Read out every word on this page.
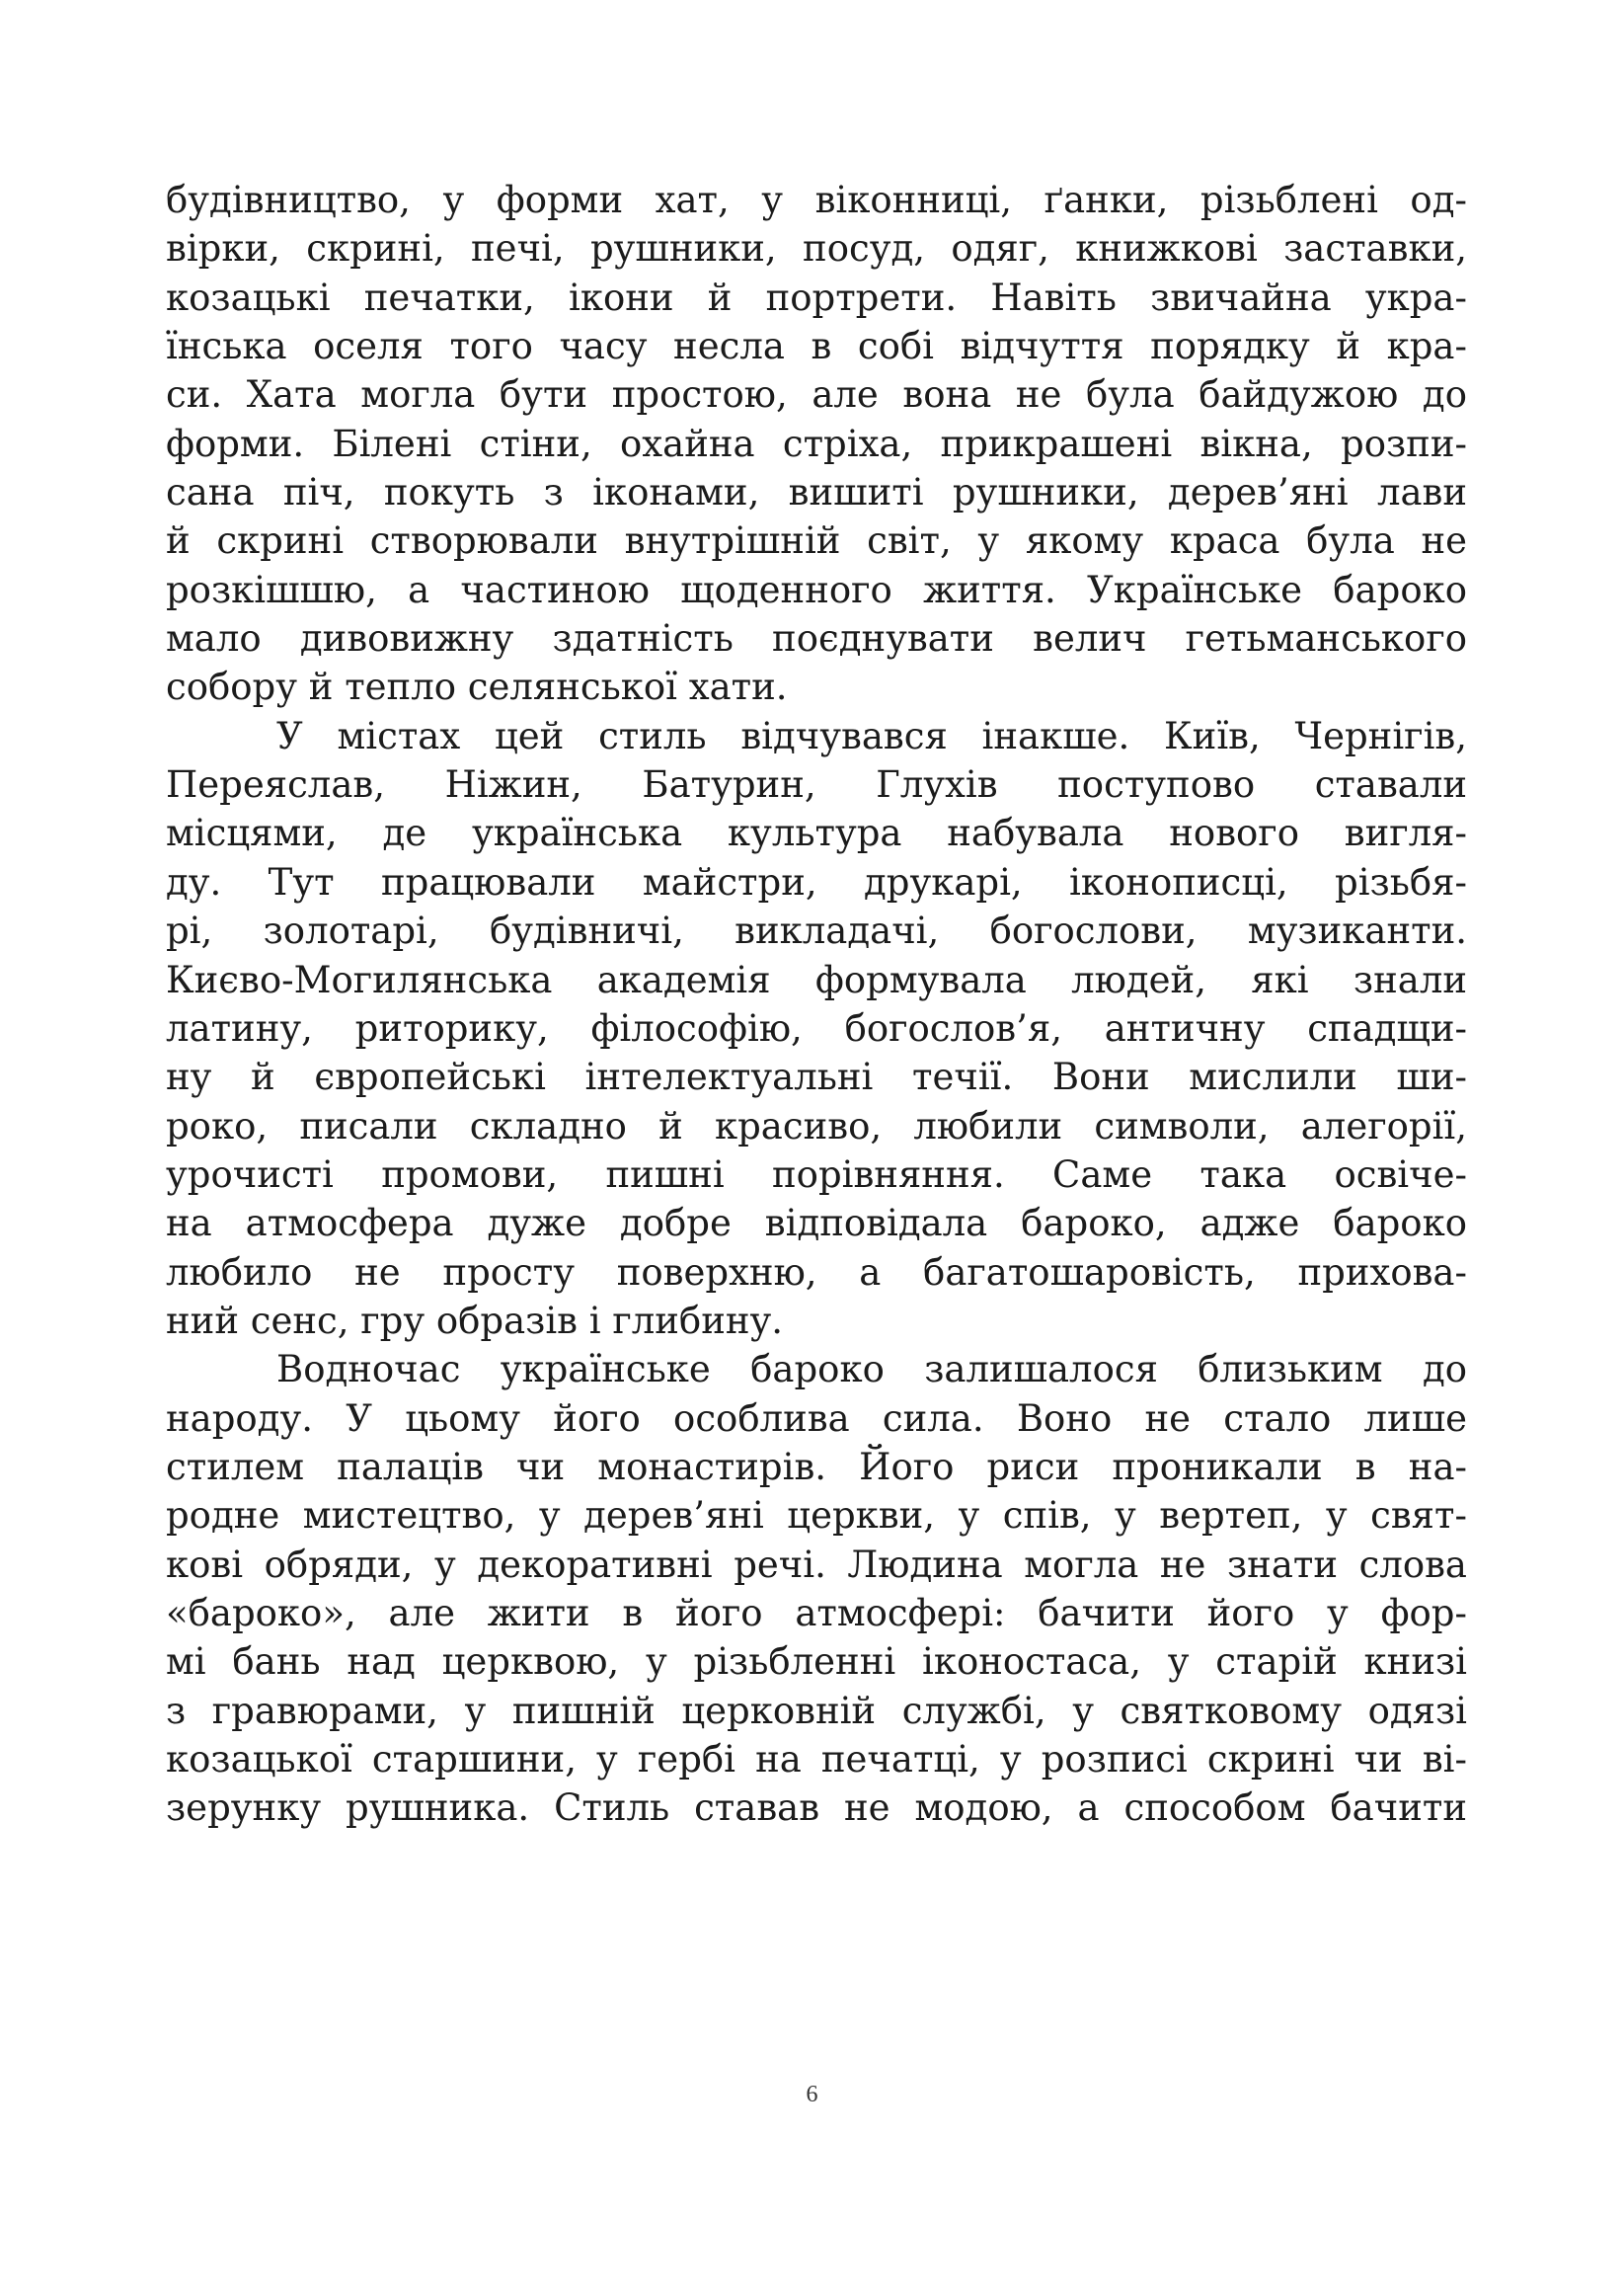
будівництво, у форми хат, у віконниці, ґанки, різьблені од-
вірки, скрині, печі, рушники, посуд, одяг, книжкові заставки,
козацькі печатки, ікони й портрети. Навіть звичайна укра-
їнська оселя того часу несла в собі відчуття порядку й кра-
си. Хата могла бути простою, але вона не була байдужою до
форми. Білені стіни, охайна стріха, прикрашені вікна, розпи-
сана піч, покуть з іконами, вишиті рушники, дерев’яні лави
й скрині створювали внутрішній світ, у якому краса була не
розкішшю, а частиною щоденного життя. Українське бароко
мало дивовижну здатність поєднувати велич гетьманського
собору й тепло селянської хати.
У містах цей стиль відчувався інакше. Київ, Чернігів,
Переяслав, Ніжин, Батурин, Глухів поступово ставали
місцями, де українська культура набувала нового вигля-
ду. Тут працювали майстри, друкарі, іконописці, різьбя-
рі, золотарі, будівничі, викладачі, богослови, музиканти.
Києво-Могилянська академія формувала людей, які знали
латину, риторику, філософію, богослов’я, античну спадщи-
ну й європейські інтелектуальні течії. Вони мислили ши-
роко, писали складно й красиво, любили символи, алегорії,
урочисті промови, пишні порівняння. Саме така освіче-
на атмосфера дуже добре відповідала бароко, адже бароко
любило не просту поверхню, а багатошаровість, прихова-
ний сенс, гру образів і глибину.
Водночас українське бароко залишалося близьким до
народу. У цьому його особлива сила. Воно не стало лише
стилем палаців чи монастирів. Його риси проникали в на-
родне мистецтво, у дерев’яні церкви, у спів, у вертеп, у свят-
кові обряди, у декоративні речі. Людина могла не знати слова
«бароко», але жити в його атмосфері: бачити його у фор-
мі бань над церквою, у різьбленні іконостаса, у старій книзі
з гравюрами, у пишній церковній службі, у святковому одязі
козацької старшини, у гербі на печатці, у розписі скрині чи ві-
зерунку рушника. Стиль ставав не модою, а способом бачити
6
